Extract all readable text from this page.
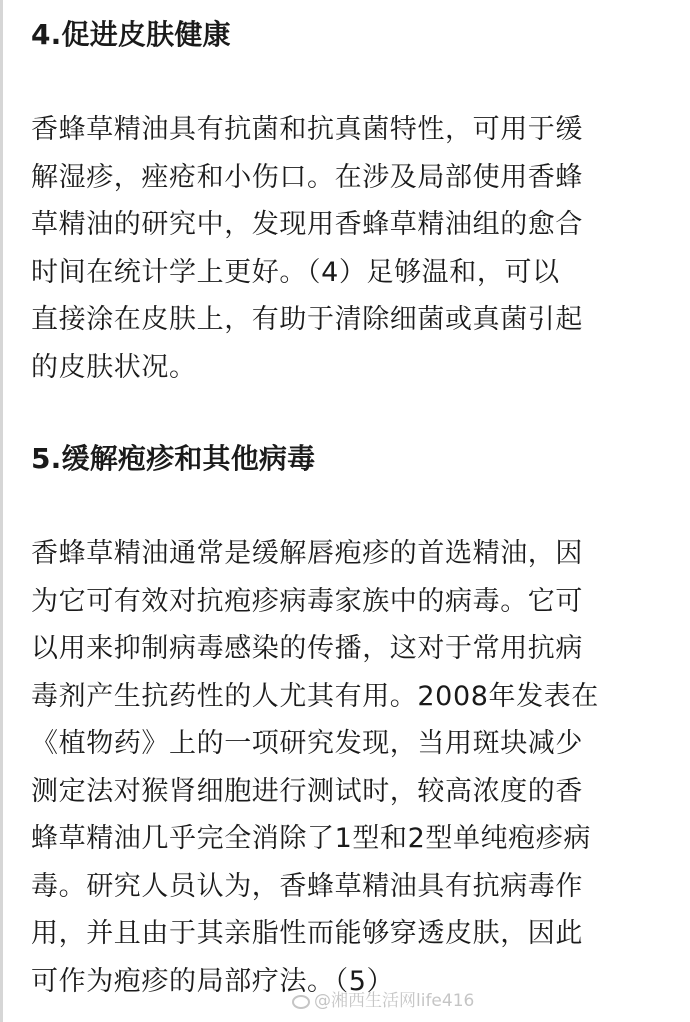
4.促进皮肤健康

香蜂草精油具有抗菌和抗真菌特性，可用于缓
解湿疹，痤疮和小伤口。在涉及局部使用香蜂
草精油的研究中，发现用香蜂草精油组的愈合
时间在统计学上更好。（4）足够温和，可以
直接涂在皮肤上，有助于清除细菌或真菌引起
的皮肤状况。

5.缓解疱疹和其他病毒

香蜂草精油通常是缓解唇疱疹的首选精油，因
为它可有效对抗疱疹病毒家族中的病毒。它可
以用来抑制病毒感染的传播，这对于常用抗病
毒剂产生抗药性的人尤其有用。2008年发表在
《植物药》上的一项研究发现，当用斑块减少
测定法对猴肾细胞进行测试时，较高浓度的香
蜂草精油几乎完全消除了1型和2型单纯疱疹病
毒。研究人员认为，香蜂草精油具有抗病毒作
用，并且由于其亲脂性而能够穿透皮肤，因此
可作为疱疹的局部疗法。（5）

@湘西生活网life416
